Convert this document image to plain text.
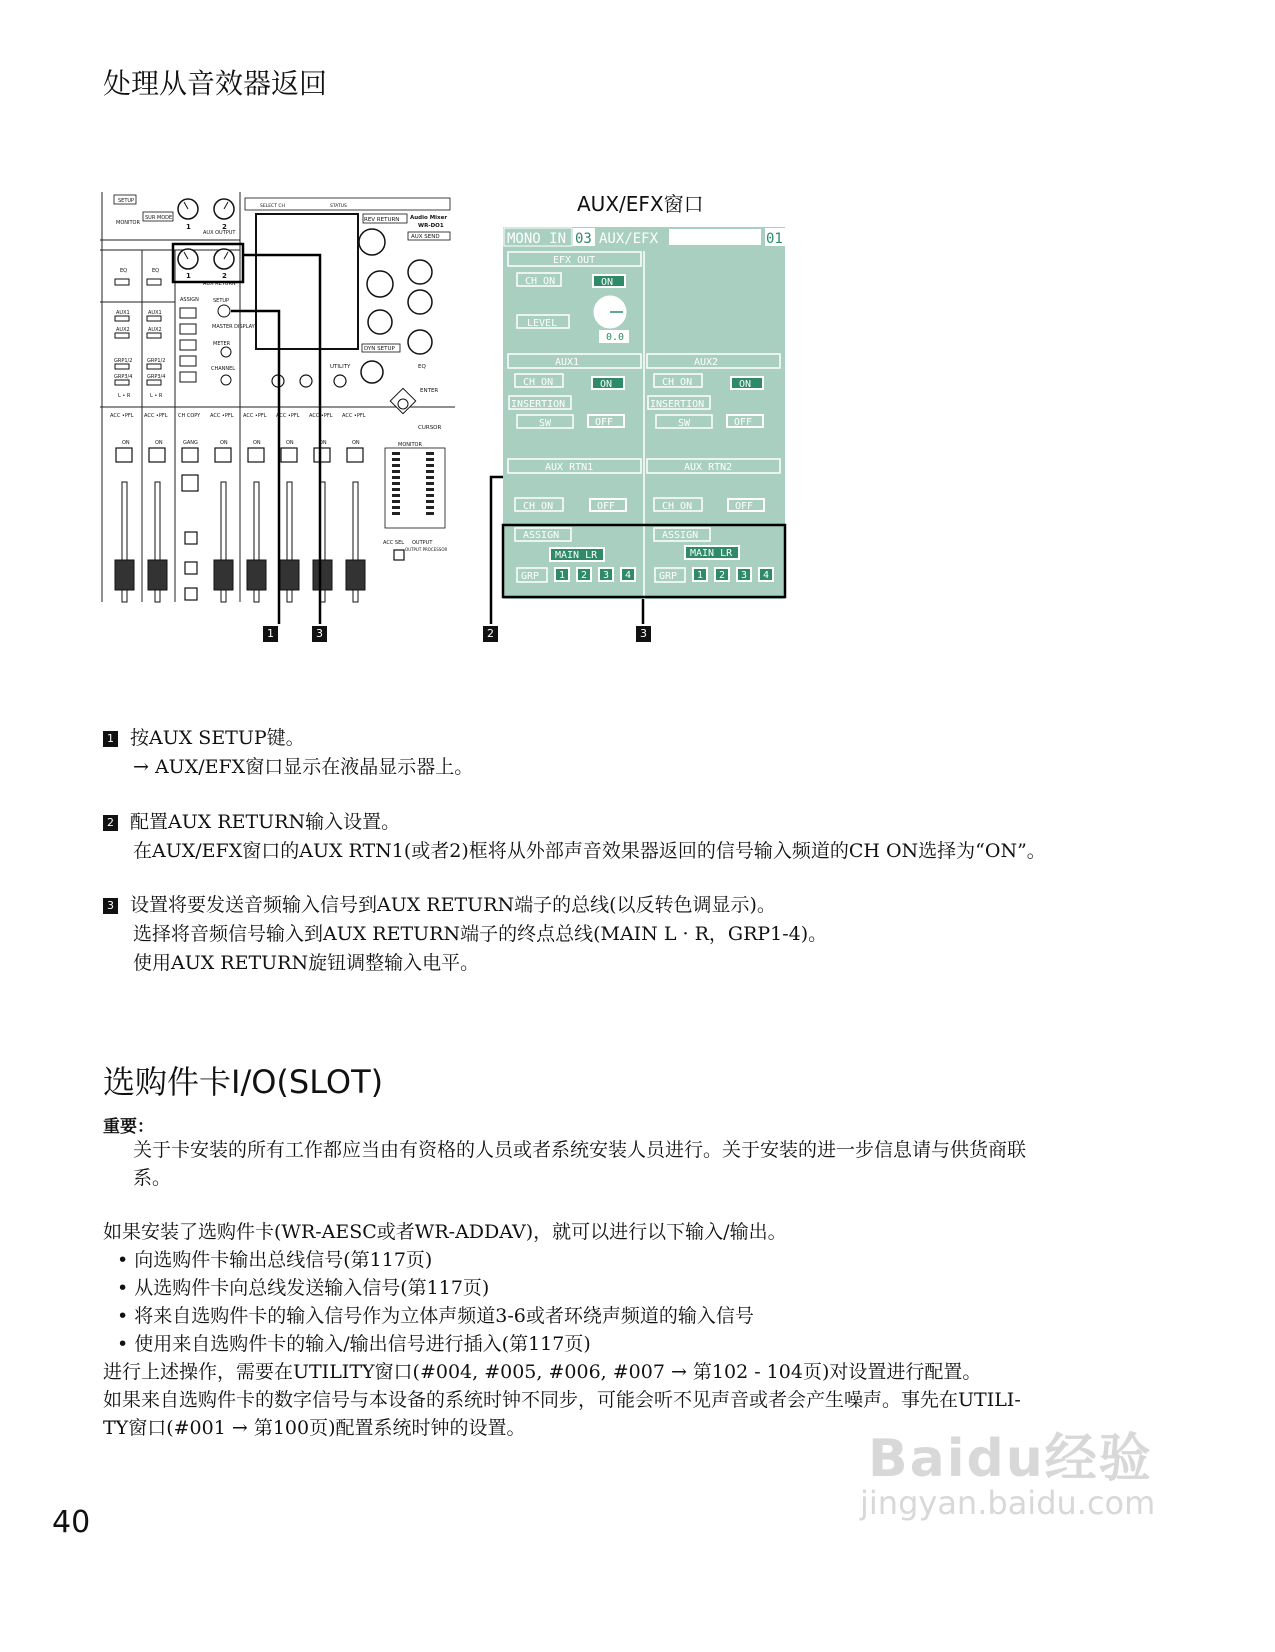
处理从音效器返回
SETUP
SUR MODE
MONITOR
AUX OUTPUT
AUX RETURN
1	2
1	2
SELECT CH	STATUS
REV RETURN Audio Mixer
WR-DO1
AUX SEND
DYN SETUP
EQ
UTILITY
ENTER
CURSOR
EQ	EQ
AUX1	AUX1
AUX2	AUX2
GRP1/2	GRP1/2
GRP3/4	GRP3/4
L • R	L • R
ASSIGN	SETUP
MASTER DISPLAY
METER
CHANNEL
CH COPY
ACC •PFL ACC •PFL	ACC •PFL ACC •PFL ACC •PFL ACC •PFL ACC •PFL
MONITOR
ACC SEL OUTPUT
OUTPUT PROCESSOR
ON	ON	GANG	ON	ON	ON	ON	ON
AUX/EFX窗口
MONO IN 03 AUX/EFX	01
EFX OUT
CH ON	ON
LEVEL
0.0
AUX1
CH ON	ON
INSERTION
SW	OFF
AUX2
CH ON	ON
INSERTION
SW	OFF
AUX RTN1	AUX RTN2
CH ON	OFF	CH ON	OFF
ASSIGN	ASSIGN
MAIN LR	MAIN LR
GRP 1 2 3 4	GRP 1 2 3 4
1	3	2	3
1 按AUX SETUP键。
→ AUX/EFX窗口显示在液晶显示器上。
2 配置AUX RETURN输入设置。
在AUX/EFX窗口的AUX RTN1(或者2)框将从外部声音效果器返回的信号输入频道的CH ON选择为“ON”。
3 设置将要发送音频输入信号到AUX RETURN端子的总线(以反转色调显示)。
选择将音频信号输入到AUX RETURN端子的终点总线(MAIN L · R，GRP1-4)。
使用AUX RETURN旋钮调整输入电平。
选购件卡I/O(SLOT)
重要：
关于卡安装的所有工作都应当由有资格的人员或者系统安装人员进行。关于安装的进一步信息请与供货商联
系。
如果安装了选购件卡(WR-AESC或者WR-ADDAV)，就可以进行以下输入/输出。
• 向选购件卡输出总线信号(第117页)
• 从选购件卡向总线发送输入信号(第117页)
• 将来自选购件卡的输入信号作为立体声频道3-6或者环绕声频道的输入信号
• 使用来自选购件卡的输入/输出信号进行插入(第117页)
进行上述操作，需要在UTILITY窗口(#004, #005, #006, #007 → 第102 - 104页)对设置进行配置。
如果来自选购件卡的数字信号与本设备的系统时钟不同步，可能会听不见声音或者会产生噪声。事先在UTILI-
TY窗口(#001 → 第100页)配置系统时钟的设置。
40
Baidu经验
jingyan.baidu.com
